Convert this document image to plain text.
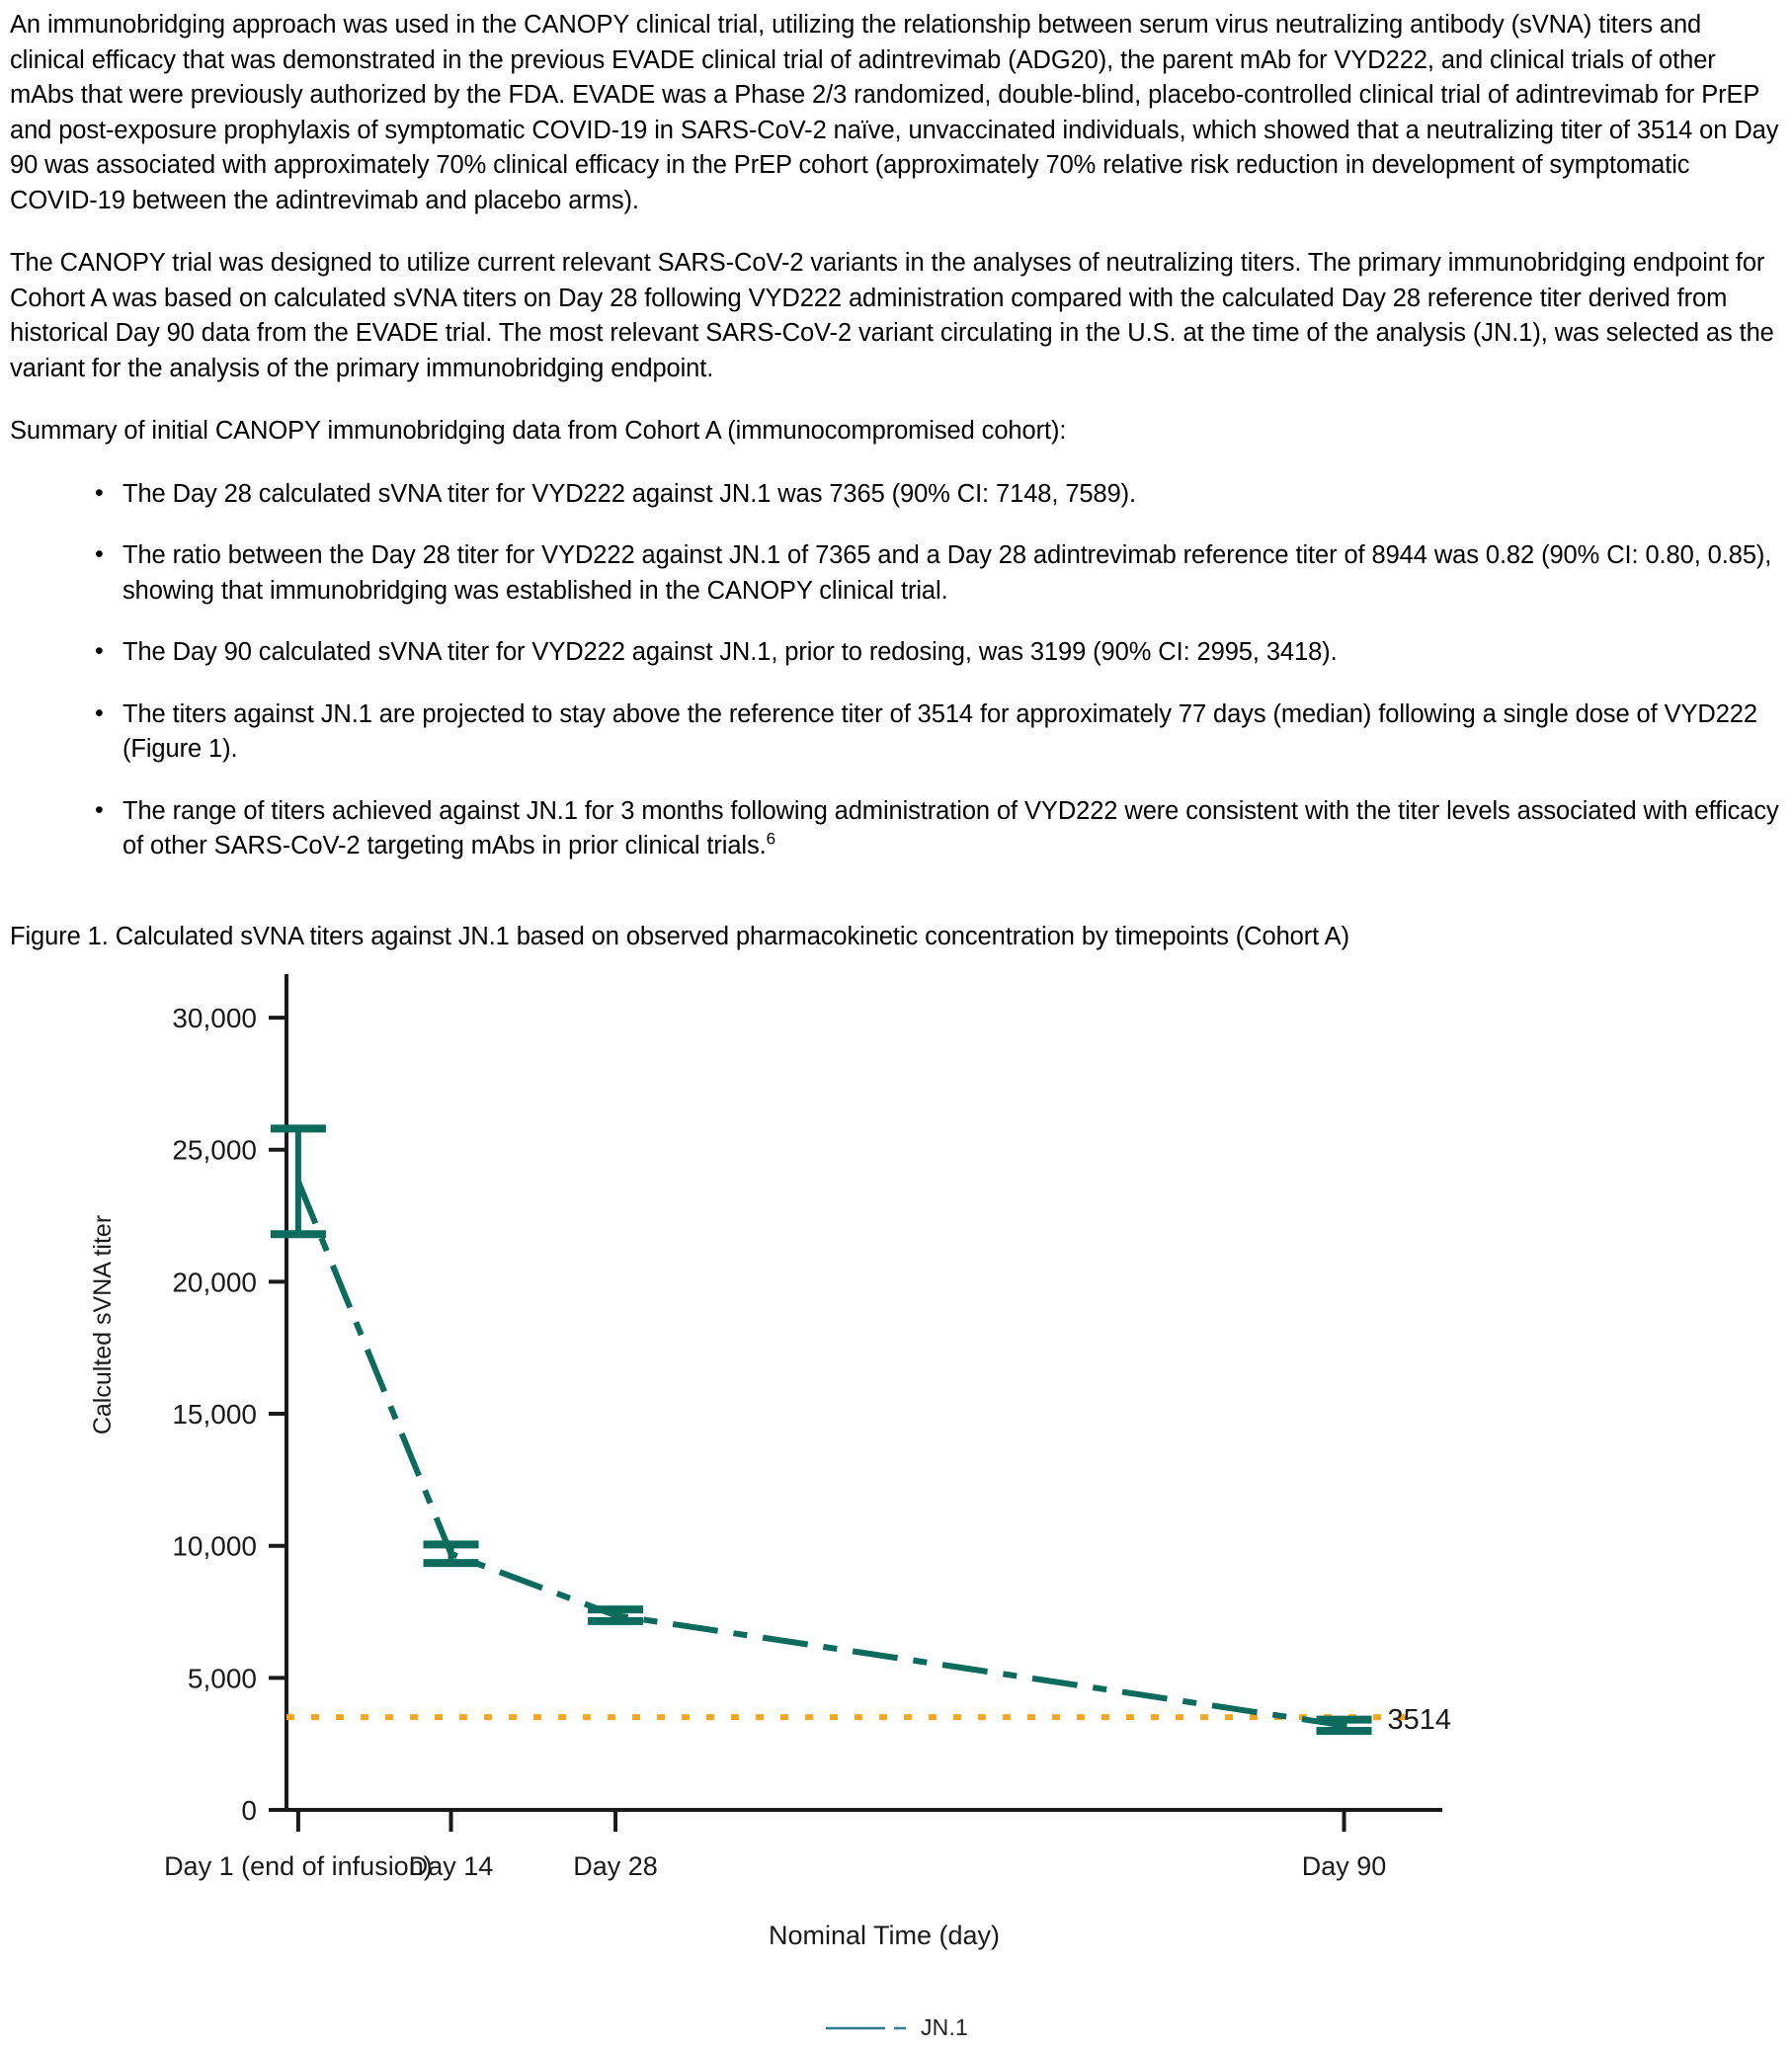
An immunobridging approach was used in the CANOPY clinical trial, utilizing the relationship between serum virus neutralizing antibody (sVNA) titers and clinical efficacy that was demonstrated in the previous EVADE clinical trial of adintrevimab (ADG20), the parent mAb for VYD222, and clinical trials of other mAbs that were previously authorized by the FDA. EVADE was a Phase 2/3 randomized, double-blind, placebo-controlled clinical trial of adintrevimab for PrEP and post-exposure prophylaxis of symptomatic COVID-19 in SARS-CoV-2 naïve, unvaccinated individuals, which showed that a neutralizing titer of 3514 on Day 90 was associated with approximately 70% clinical efficacy in the PrEP cohort (approximately 70% relative risk reduction in development of symptomatic COVID-19 between the adintrevimab and placebo arms).

The CANOPY trial was designed to utilize current relevant SARS-CoV-2 variants in the analyses of neutralizing titers. The primary immunobridging endpoint for Cohort A was based on calculated sVNA titers on Day 28 following VYD222 administration compared with the calculated Day 28 reference titer derived from historical Day 90 data from the EVADE trial. The most relevant SARS-CoV-2 variant circulating in the U.S. at the time of the analysis (JN.1), was selected as the variant for the analysis of the primary immunobridging endpoint.

Summary of initial CANOPY immunobridging data from Cohort A (immunocompromised cohort):

• The Day 28 calculated sVNA titer for VYD222 against JN.1 was 7365 (90% CI: 7148, 7589).
• The ratio between the Day 28 titer for VYD222 against JN.1 of 7365 and a Day 28 adintrevimab reference titer of 8944 was 0.82 (90% CI: 0.80, 0.85), showing that immunobridging was established in the CANOPY clinical trial.
• The Day 90 calculated sVNA titer for VYD222 against JN.1, prior to redosing, was 3199 (90% CI: 2995, 3418).
• The titers against JN.1 are projected to stay above the reference titer of 3514 for approximately 77 days (median) following a single dose of VYD222 (Figure 1).
• The range of titers achieved against JN.1 for 3 months following administration of VYD222 were consistent with the titer levels associated with efficacy of other SARS-CoV-2 targeting mAbs in prior clinical trials.$^6$
Figure 1. Calculated sVNA titers against JN.1 based on observed pharmacokinetic concentration by timepoints (Cohort A)
0
5,000
10,000
15,000
20,000
25,000
30,000
Calculted sVNA titer
Day 1 (end of infusion)
Day 14	Day 28	Day 90
Nominal Time (day)
3514
JN.1
